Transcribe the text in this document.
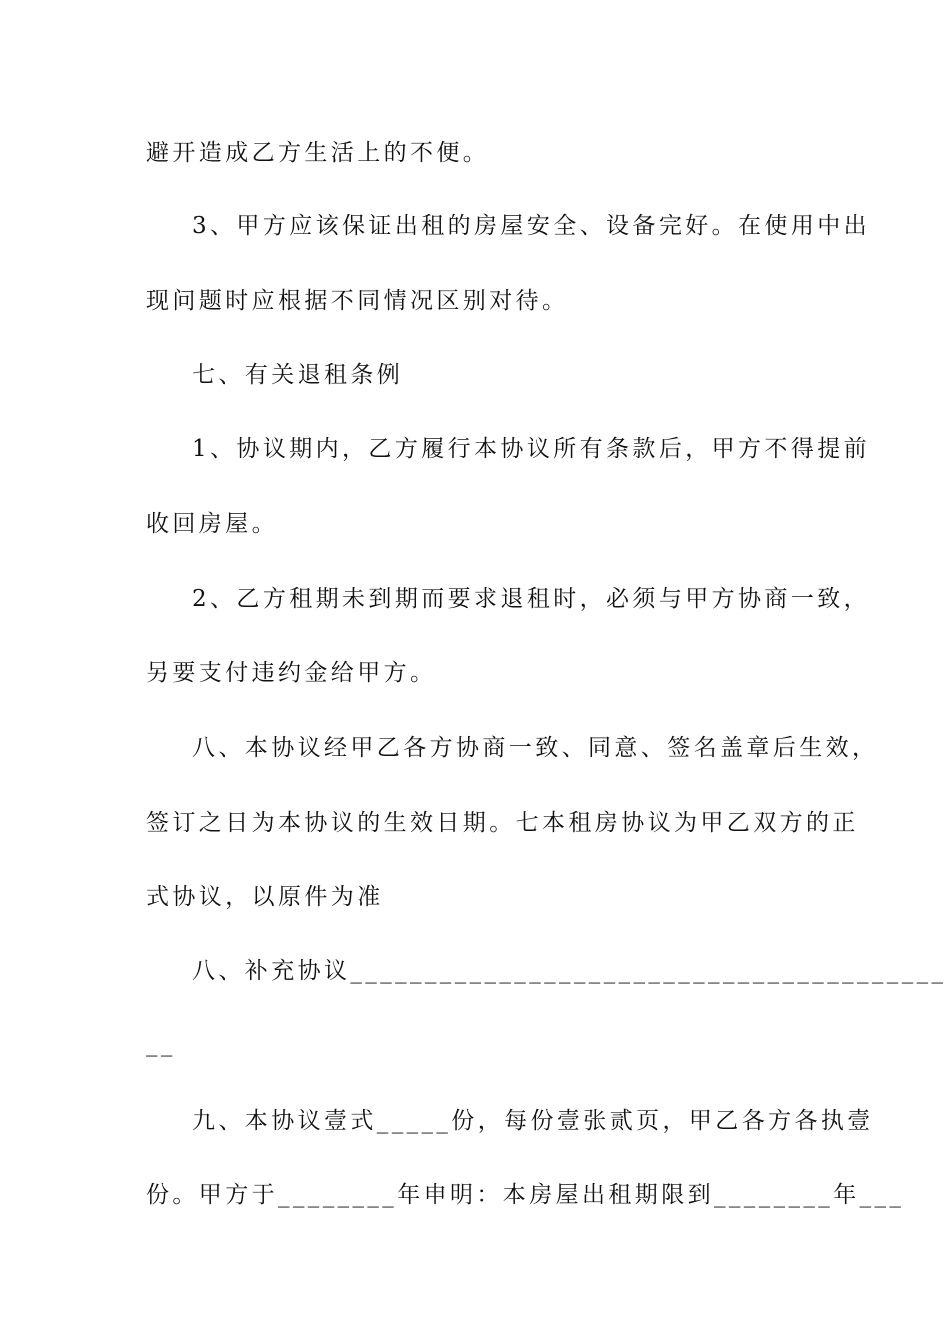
避开造成乙方生活上的不便。
3、甲方应该保证出租的房屋安全、设备完好。在使用中出
现问题时应根据不同情况区别对待。
七、有关退租条例
1、协议期内，乙方履行本协议所有条款后，甲方不得提前
收回房屋。
2、乙方租期未到期而要求退租时，必须与甲方协商一致，
另要支付违约金给甲方。
八、本协议经甲乙各方协商一致、同意、签名盖章后生效，
签订之日为本协议的生效日期。七本租房协议为甲乙双方的正
式协议，以原件为准
八、补充协议________________________________________
__
九、本协议壹式_____份，每份壹张贰页，甲乙各方各执壹
份。甲方于________年申明：本房屋出租期限到________年___
